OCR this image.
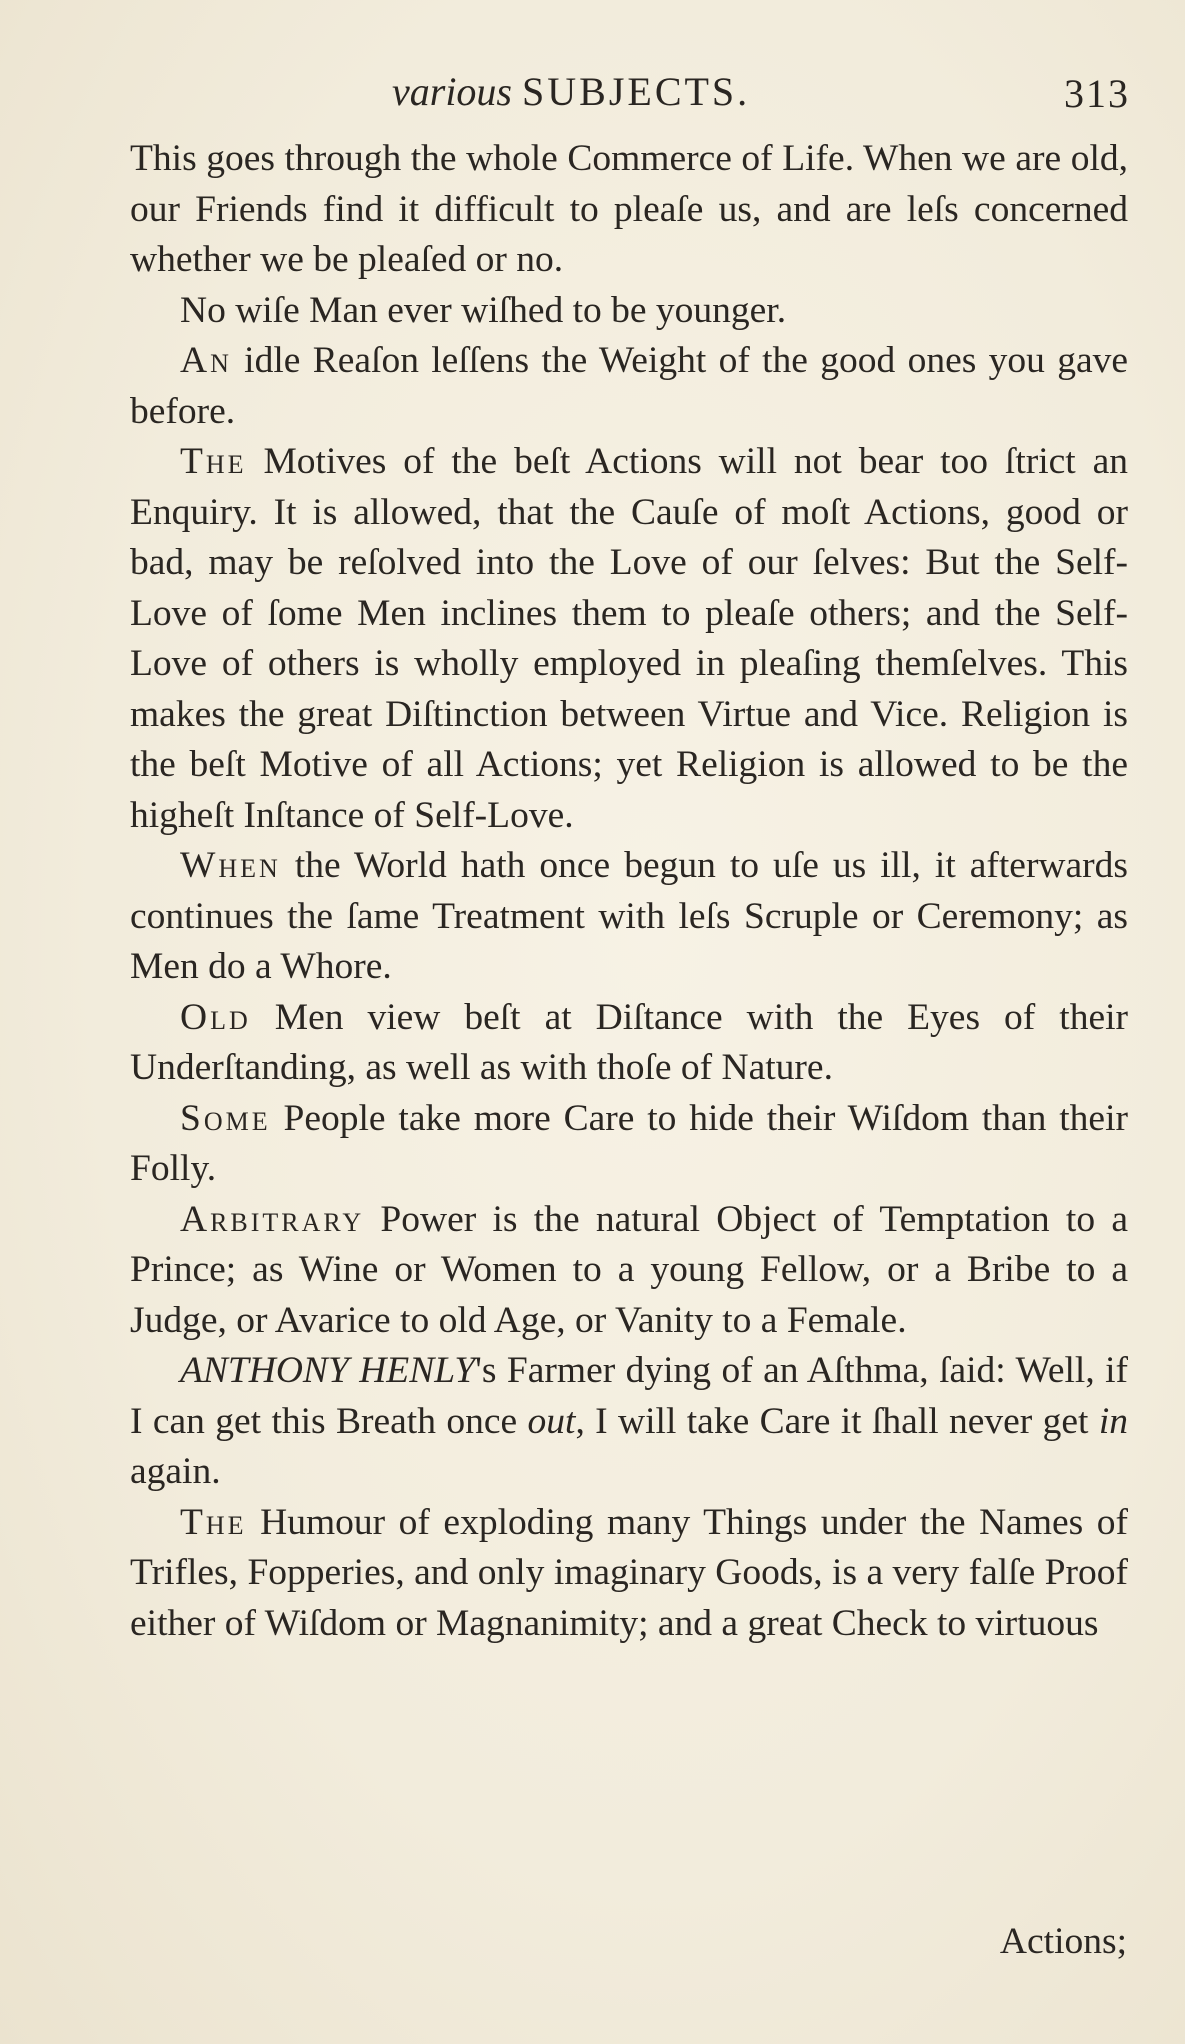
various SUBJECTS.	313

This goes through the whole Commerce of Life. When we are old, our Friends find it difficult to pleaſe us, and are leſs concerned whether we be pleaſed or no.

No wiſe Man ever wiſhed to be younger.

An idle Reaſon leſſens the Weight of the good ones you gave before.

The Motives of the beſt Actions will not bear too ſtrict an Enquiry. It is allowed, that the Cauſe of moſt Actions, good or bad, may be reſolved into the Love of our ſelves: But the Self-Love of ſome Men inclines them to pleaſe others; and the Self-Love of others is wholly employed in pleaſing themſelves. This makes the great Diſtinction between Virtue and Vice. Religion is the beſt Motive of all Actions; yet Religion is allowed to be the higheſt Inſtance of Self-Love.

When the World hath once begun to uſe us ill, it afterwards continues the ſame Treatment with leſs Scruple or Ceremony; as Men do a Whore.

Old Men view beſt at Diſtance with the Eyes of their Underſtanding, as well as with thoſe of Nature.

Some People take more Care to hide their Wiſdom than their Folly.

Arbitrary Power is the natural Object of Temptation to a Prince; as Wine or Women to a young Fellow, or a Bribe to a Judge, or Avarice to old Age, or Vanity to a Female.

ANTHONY HENLY's Farmer dying of an Aſthma, ſaid: Well, if I can get this Breath once out, I will take Care it ſhall never get in again.

The Humour of exploding many Things under the Names of Trifles, Fopperies, and only imaginary Goods, is a very falſe Proof either of Wiſdom or Magnanimity; and a great Check to virtuous

Actions;
